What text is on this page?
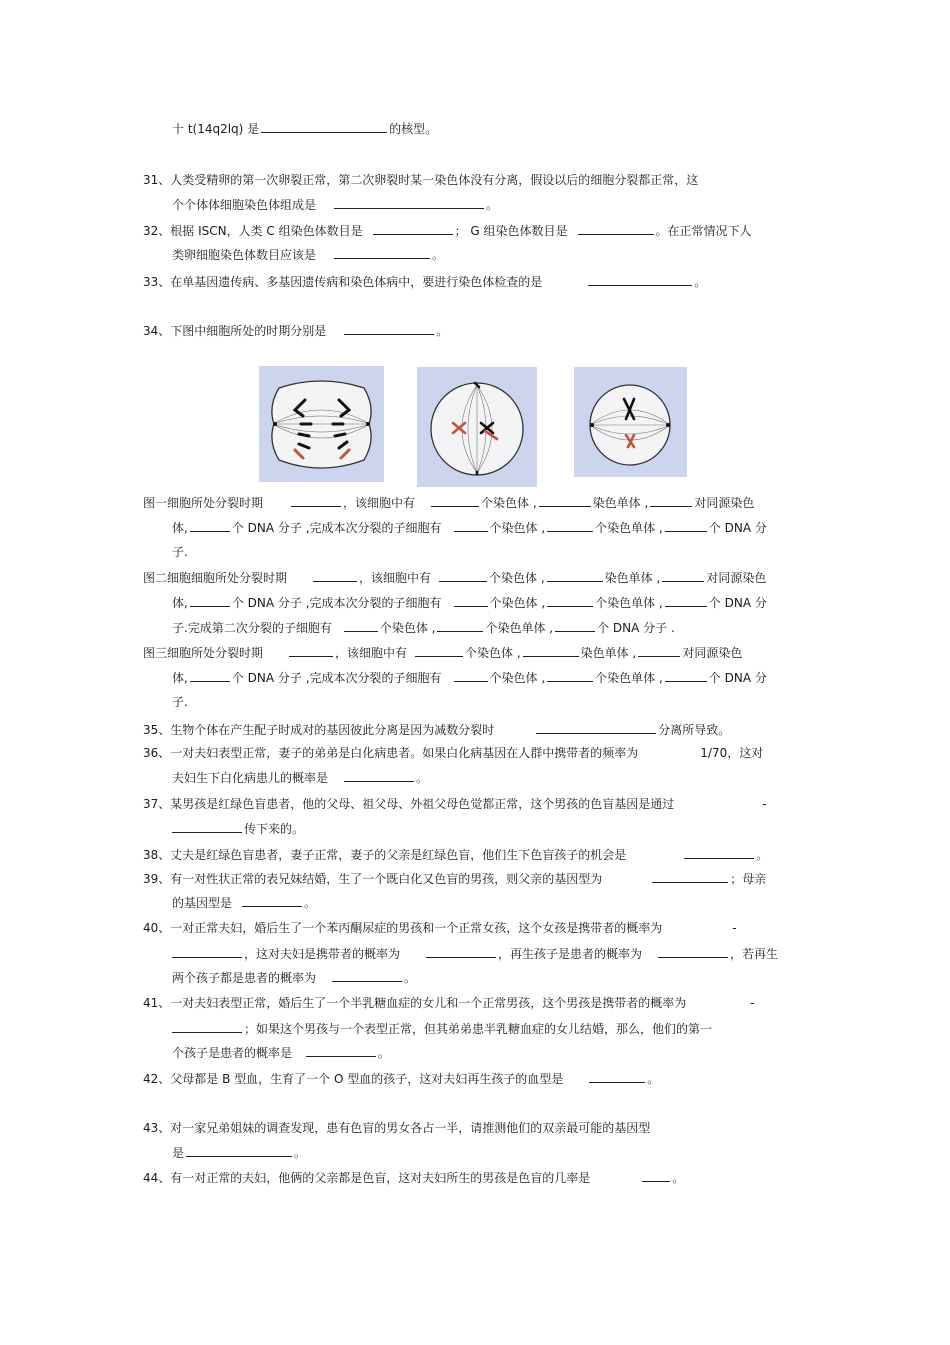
十 t(14q2lq) 是	的核型。
31、人类受精卵的第一次卵裂正常，第二次卵裂时某一染色体没有分离，假设以后的细胞分裂都正常，这
个个体体细胞染色体组成是	。
32、根据 ISCN，人类 C 组染色体数目是	； G 组染色体数目是	。在正常情况下人
类卵细胞染色体数目应该是	。
33、在单基因遗传病、多基因遗传病和染色体病中，要进行染色体检查的是	。
34、下图中细胞所处的时期分别是	。
图一细胞所处分裂时期	，该细胞中有	个染色体 ,	染色单体 ,	对同源染色
体,	个 DNA 分子 ,完成本次分裂的子细胞有	个染色体 ,	个染色单体 ,	个 DNA 分
子.
图二细胞细胞所处分裂时期	，该细胞中有	个染色体 ,	染色单体 ,	对同源染色
体,	个 DNA 分子 ,完成本次分裂的子细胞有	个染色体 ,	个染色单体 ,	个 DNA 分
子.完成第二次分裂的子细胞有	个染色体 ,	个染色单体 ,	个 DNA 分子 .
图三细胞所处分裂时期	，该细胞中有	个染色体 ,	染色单体 ,	对同源染色
体,	个 DNA 分子 ,完成本次分裂的子细胞有	个染色体 ,	个染色单体 ,	个 DNA 分
子.
35、生物个体在产生配子时成对的基因彼此分离是因为减数分裂时	分离所导致。
36、一对夫妇表型正常，妻子的弟弟是白化病患者。如果白化病基因在人群中携带者的频率为	1/70，这对
夫妇生下白化病患儿的概率是	。
37、某男孩是红绿色盲患者，他的父母、祖父母、外祖父母色觉都正常，这个男孩的色盲基因是通过	-
传下来的。
38、丈夫是红绿色盲患者，妻子正常，妻子的父亲是红绿色盲，他们生下色盲孩子的机会是	。
39、有一对性状正常的表兄妹结婚，生了一个既白化又色盲的男孩，则父亲的基因型为	；母亲
的基因型是	。
40、一对正常夫妇，婚后生了一个苯丙酮尿症的男孩和一个正常女孩，这个女孩是携带者的概率为	-
，这对夫妇是携带者的概率为	，再生孩子是患者的概率为	，若再生
两个孩子都是患者的概率为	。
41、一对夫妇表型正常，婚后生了一个半乳糖血症的女儿和一个正常男孩，这个男孩是携带者的概率为	-
；如果这个男孩与一个表型正常，但其弟弟患半乳糖血症的女儿结婚，那么，他们的第一
个孩子是患者的概率是	。
42、父母都是 B 型血，生育了一个 O 型血的孩子，这对夫妇再生孩子的血型是	。
43、对一家兄弟姐妹的调查发现，患有色盲的男女各占一半，请推测他们的双亲最可能的基因型
是	。
44、有一对正常的夫妇，他俩的父亲都是色盲，这对夫妇所生的男孩是色盲的几率是	。
